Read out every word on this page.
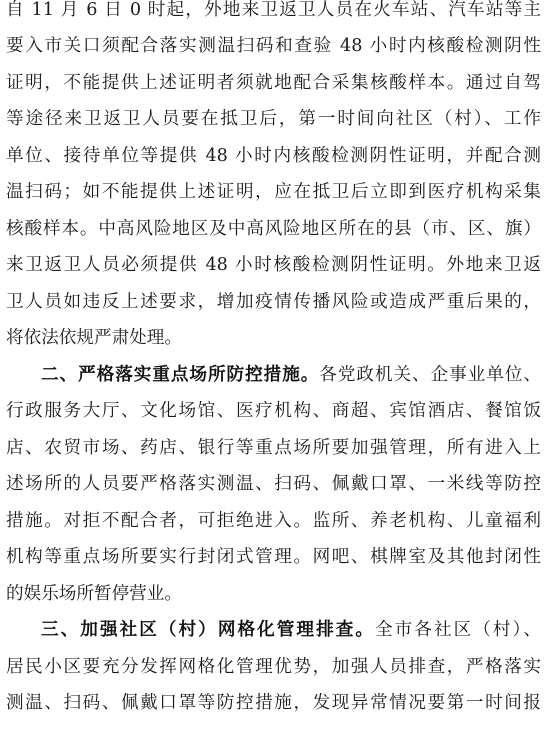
自 11 月 6 日 0 时起，外地来卫返卫人员在火车站、汽车站等主
要入市关口须配合落实测温扫码和查验 48 小时内核酸检测阴性
证明，不能提供上述证明者须就地配合采集核酸样本。通过自驾
等途径来卫返卫人员要在抵卫后，第一时间向社区（村）、工作
单位、接待单位等提供 48 小时内核酸检测阴性证明，并配合测
温扫码；如不能提供上述证明，应在抵卫后立即到医疗机构采集
核酸样本。中高风险地区及中高风险地区所在的县（市、区、旗）
来卫返卫人员必须提供 48 小时核酸检测阴性证明。外地来卫返
卫人员如违反上述要求，增加疫情传播风险或造成严重后果的，
将依法依规严肃处理。
二、严格落实重点场所防控措施。各党政机关、企事业单位、
行政服务大厅、文化场馆、医疗机构、商超、宾馆酒店、餐馆饭
店、农贸市场、药店、银行等重点场所要加强管理，所有进入上
述场所的人员要严格落实测温、扫码、佩戴口罩、一米线等防控
措施。对拒不配合者，可拒绝进入。监所、养老机构、儿童福利
机构等重点场所要实行封闭式管理。网吧、棋牌室及其他封闭性
的娱乐场所暂停营业。
三、加强社区（村）网格化管理排查。全市各社区（村）、
居民小区要充分发挥网格化管理优势，加强人员排查，严格落实
测温、扫码、佩戴口罩等防控措施，发现异常情况要第一时间报
